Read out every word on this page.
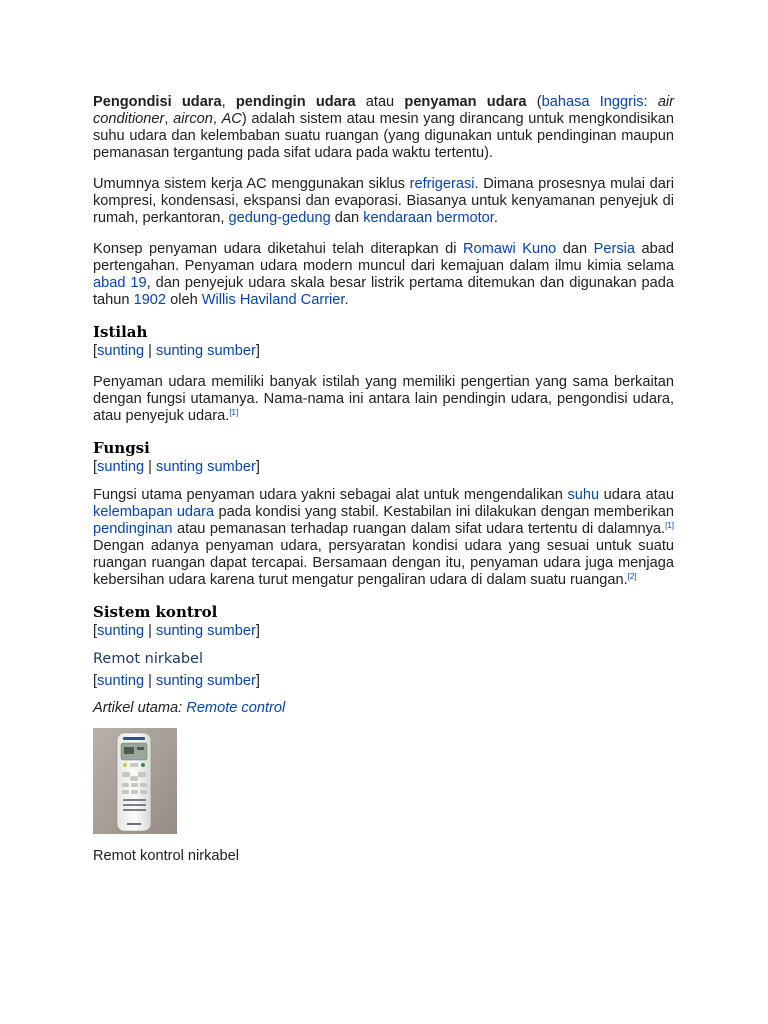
Pengondisi udara, pendingin udara atau penyaman udara (bahasa Inggris: air conditioner, aircon, AC) adalah sistem atau mesin yang dirancang untuk mengkondisikan suhu udara dan kelembaban suatu ruangan (yang digunakan untuk pendinginan maupun pemanasan tergantung pada sifat udara pada waktu tertentu).

Umumnya sistem kerja AC menggunakan siklus refrigerasi. Dimana prosesnya mulai dari kompresi, kondensasi, ekspansi dan evaporasi. Biasanya untuk kenyamanan penyejuk di rumah, perkantoran, gedung-gedung dan kendaraan bermotor.

Konsep penyaman udara diketahui telah diterapkan di Romawi Kuno dan Persia abad pertengahan. Penyaman udara modern muncul dari kemajuan dalam ilmu kimia selama abad 19, dan penyejuk udara skala besar listrik pertama ditemukan dan digunakan pada tahun 1902 oleh Willis Haviland Carrier.

Istilah
[sunting | sunting sumber]

Penyaman udara memiliki banyak istilah yang memiliki pengertian yang sama berkaitan dengan fungsi utamanya. Nama-nama ini antara lain pendingin udara, pengondisi udara, atau penyejuk udara.[1]

Fungsi
[sunting | sunting sumber]

Fungsi utama penyaman udara yakni sebagai alat untuk mengendalikan suhu udara atau kelembapan udara pada kondisi yang stabil. Kestabilan ini dilakukan dengan memberikan pendinginan atau pemanasan terhadap ruangan dalam sifat udara tertentu di dalamnya.[1] Dengan adanya penyaman udara, persyaratan kondisi udara yang sesuai untuk suatu ruangan ruangan dapat tercapai. Bersamaan dengan itu, penyaman udara juga menjaga kebersihan udara karena turut mengatur pengaliran udara di dalam suatu ruangan.[2]

Sistem kontrol
[sunting | sunting sumber]
Remot nirkabel
[sunting | sunting sumber]
Artikel utama: Remote control
Remot kontrol nirkabel
